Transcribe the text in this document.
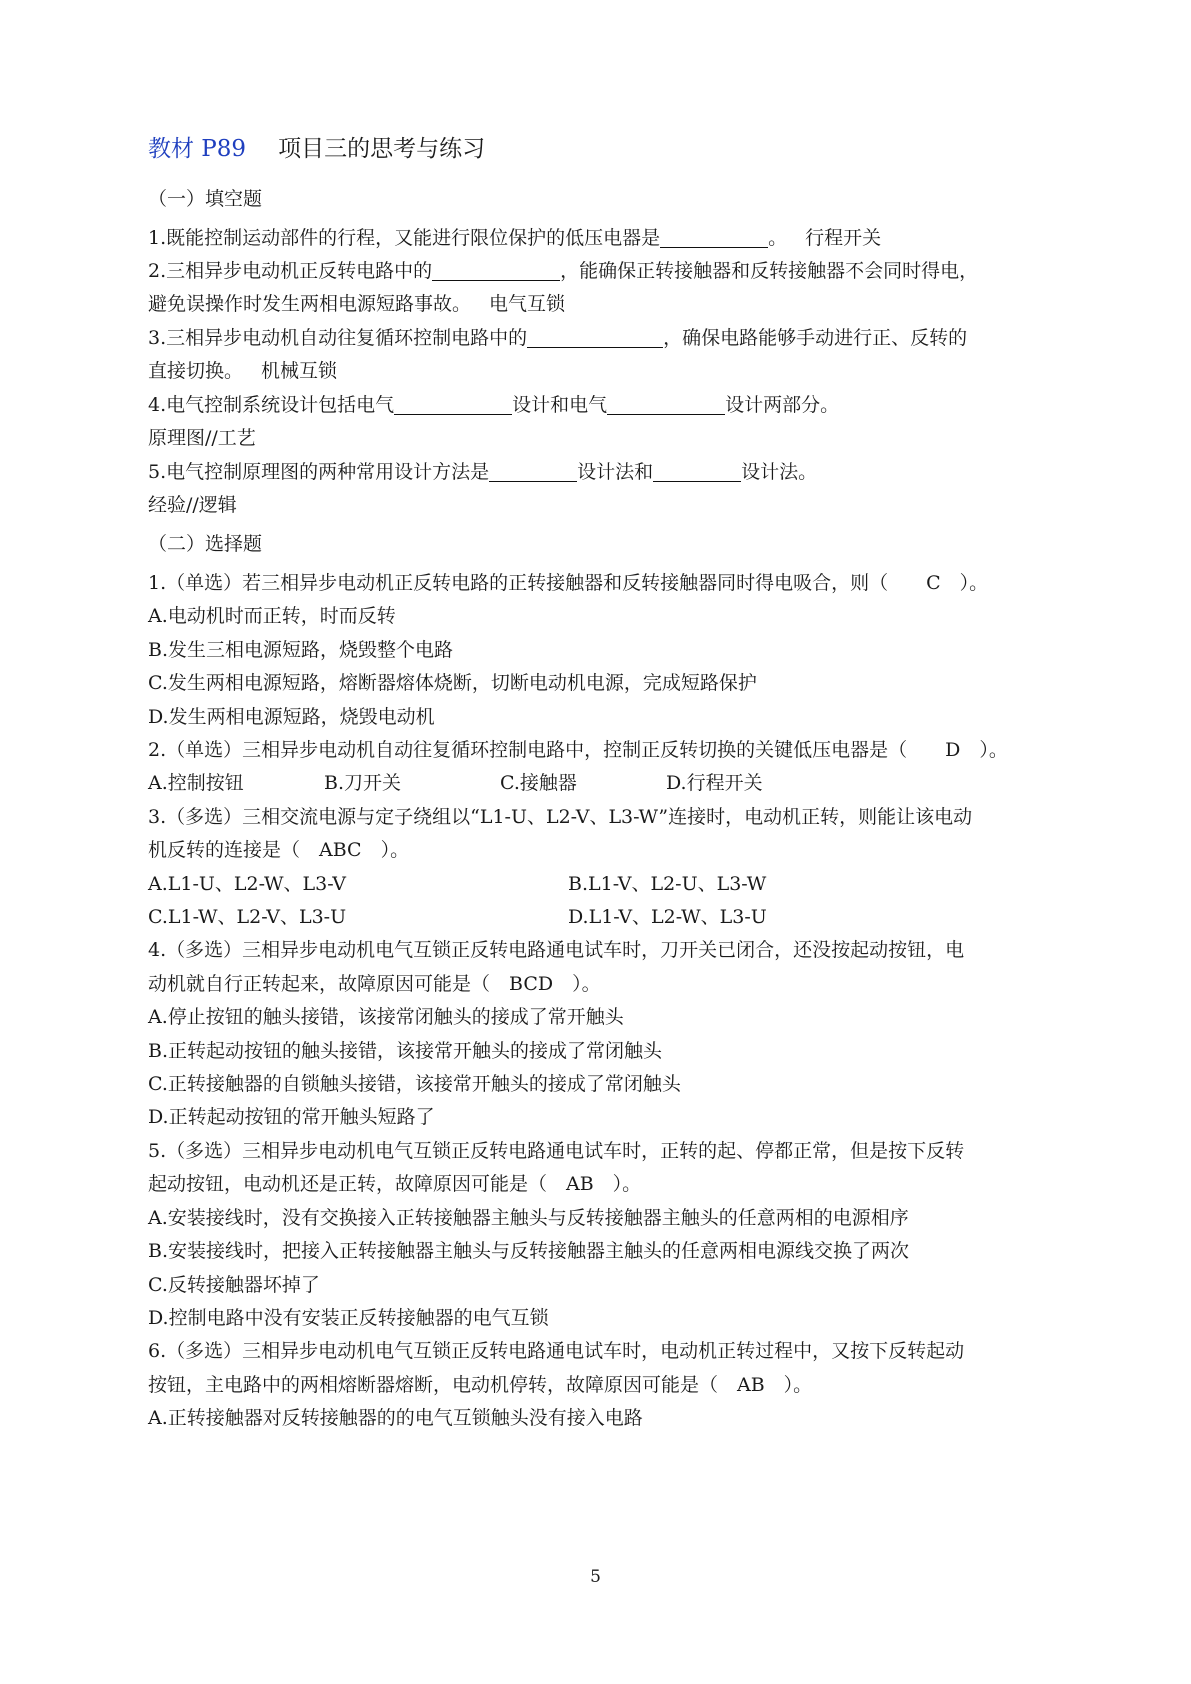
教材 P89 项目三的思考与练习
（一）填空题
1.既能控制运动部件的行程，又能进行限位保护的低压电器是	。 行程开关
2.三相异步电动机正反转电路中的	，能确保正转接触器和反转接触器不会同时得电，
避免误操作时发生两相电源短路事故。 电气互锁
3.三相异步电动机自动往复循环控制电路中的	，确保电路能够手动进行正、反转的
直接切换。 机械互锁
4.电气控制系统设计包括电气	设计和电气	设计两部分。
原理图//工艺
5.电气控制原理图的两种常用设计方法是	设计法和	设计法。
经验//逻辑
（二）选择题
1.（单选）若三相异步电动机正反转电路的正转接触器和反转接触器同时得电吸合，则（　　C　）。
A.电动机时而正转，时而反转
B.发生三相电源短路，烧毁整个电路
C.发生两相电源短路，熔断器熔体烧断，切断电动机电源，完成短路保护
D.发生两相电源短路，烧毁电动机
2.（单选）三相异步电动机自动往复循环控制电路中，控制正反转切换的关键低压电器是（　　D　）。
A.控制按钮	B.刀开关	C.接触器	D.行程开关
3.（多选）三相交流电源与定子绕组以“L1-U、L2-V、L3-W”连接时，电动机正转，则能让该电动
机反转的连接是（　ABC　）。
A.L1-U、L2-W、L3-V	B.L1-V、L2-U、L3-W
C.L1-W、L2-V、L3-U	D.L1-V、L2-W、L3-U
4.（多选）三相异步电动机电气互锁正反转电路通电试车时，刀开关已闭合，还没按起动按钮，电
动机就自行正转起来，故障原因可能是（　BCD　）。
A.停止按钮的触头接错，该接常闭触头的接成了常开触头
B.正转起动按钮的触头接错，该接常开触头的接成了常闭触头
C.正转接触器的自锁触头接错，该接常开触头的接成了常闭触头
D.正转起动按钮的常开触头短路了
5.（多选）三相异步电动机电气互锁正反转电路通电试车时，正转的起、停都正常，但是按下反转
起动按钮，电动机还是正转，故障原因可能是（　AB　）。
A.安装接线时，没有交换接入正转接触器主触头与反转接触器主触头的任意两相的电源相序
B.安装接线时，把接入正转接触器主触头与反转接触器主触头的任意两相电源线交换了两次
C.反转接触器坏掉了
D.控制电路中没有安装正反转接触器的电气互锁
6.（多选）三相异步电动机电气互锁正反转电路通电试车时，电动机正转过程中，又按下反转起动
按钮，主电路中的两相熔断器熔断，电动机停转，故障原因可能是（　AB　）。
A.正转接触器对反转接触器的的电气互锁触头没有接入电路
5
